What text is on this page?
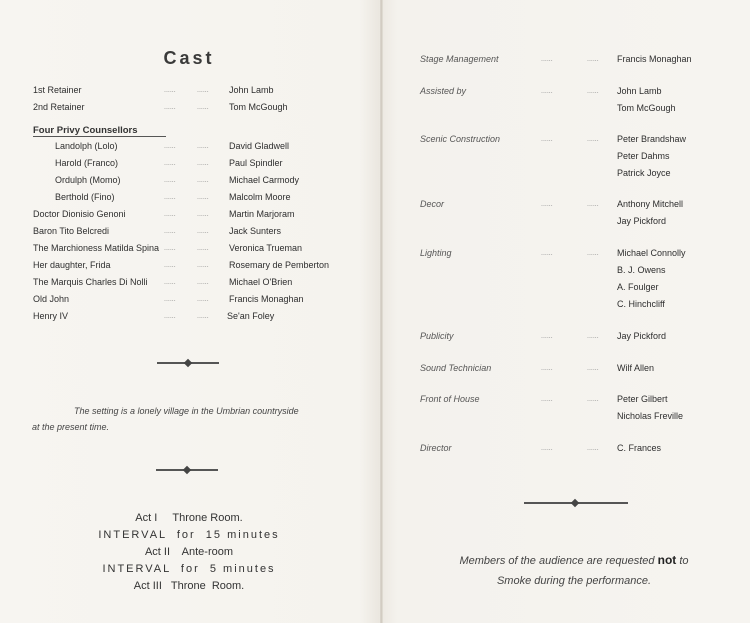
Cast
1st Retainer	......	...... John Lamb
2nd Retainer	......	...... Tom McGough
Landolph (Lolo)	......	...... David Gladwell
Harold (Franco)	......	...... Paul Spindler
Ordulph (Momo)	......	...... Michael Carmody
Berthold (Fino)	......	...... Malcolm Moore
Doctor Dionisio Genoni	......	...... Martin Marjoram
Baron Tito Belcredi	......	...... Jack Sunters
The Marchioness Matilda Spina ......	...... Veronica Trueman
Her daughter, Frida	......	...... Rosemary de Pemberton
The Marquis Charles Di Nolli ......	...... Michael O'Brien
Old John	......	...... Francis Monaghan
Henry IV	......	...... Se'an Foley
Four Privy Counsellors
The setting is a lonely village in the Umbrian countryside
at the present time.
Act I     Throne Room.
INTERVAL  for  15 minutes
Act II    Ante-room
INTERVAL  for  5 minutes
Act III   Throne  Room.
Stage Management	......	...... Francis Monaghan
Assisted by	......	...... John Lamb
Tom McGough
Scenic Construction	......	...... Peter Brandshaw
Peter Dahms
Patrick Joyce
Decor	......	...... Anthony Mitchell
Jay Pickford
Lighting	......	...... Michael Connolly
B. J. Owens
A. Foulger
C. Hinchcliff
Publicity	......	...... Jay Pickford
Sound Technician	......	...... Wilf Allen
Front of House	......	...... Peter Gilbert
Nicholas Freville
Director	......	...... C. Frances
Members of the audience are requested not to
Smoke during the performance.
